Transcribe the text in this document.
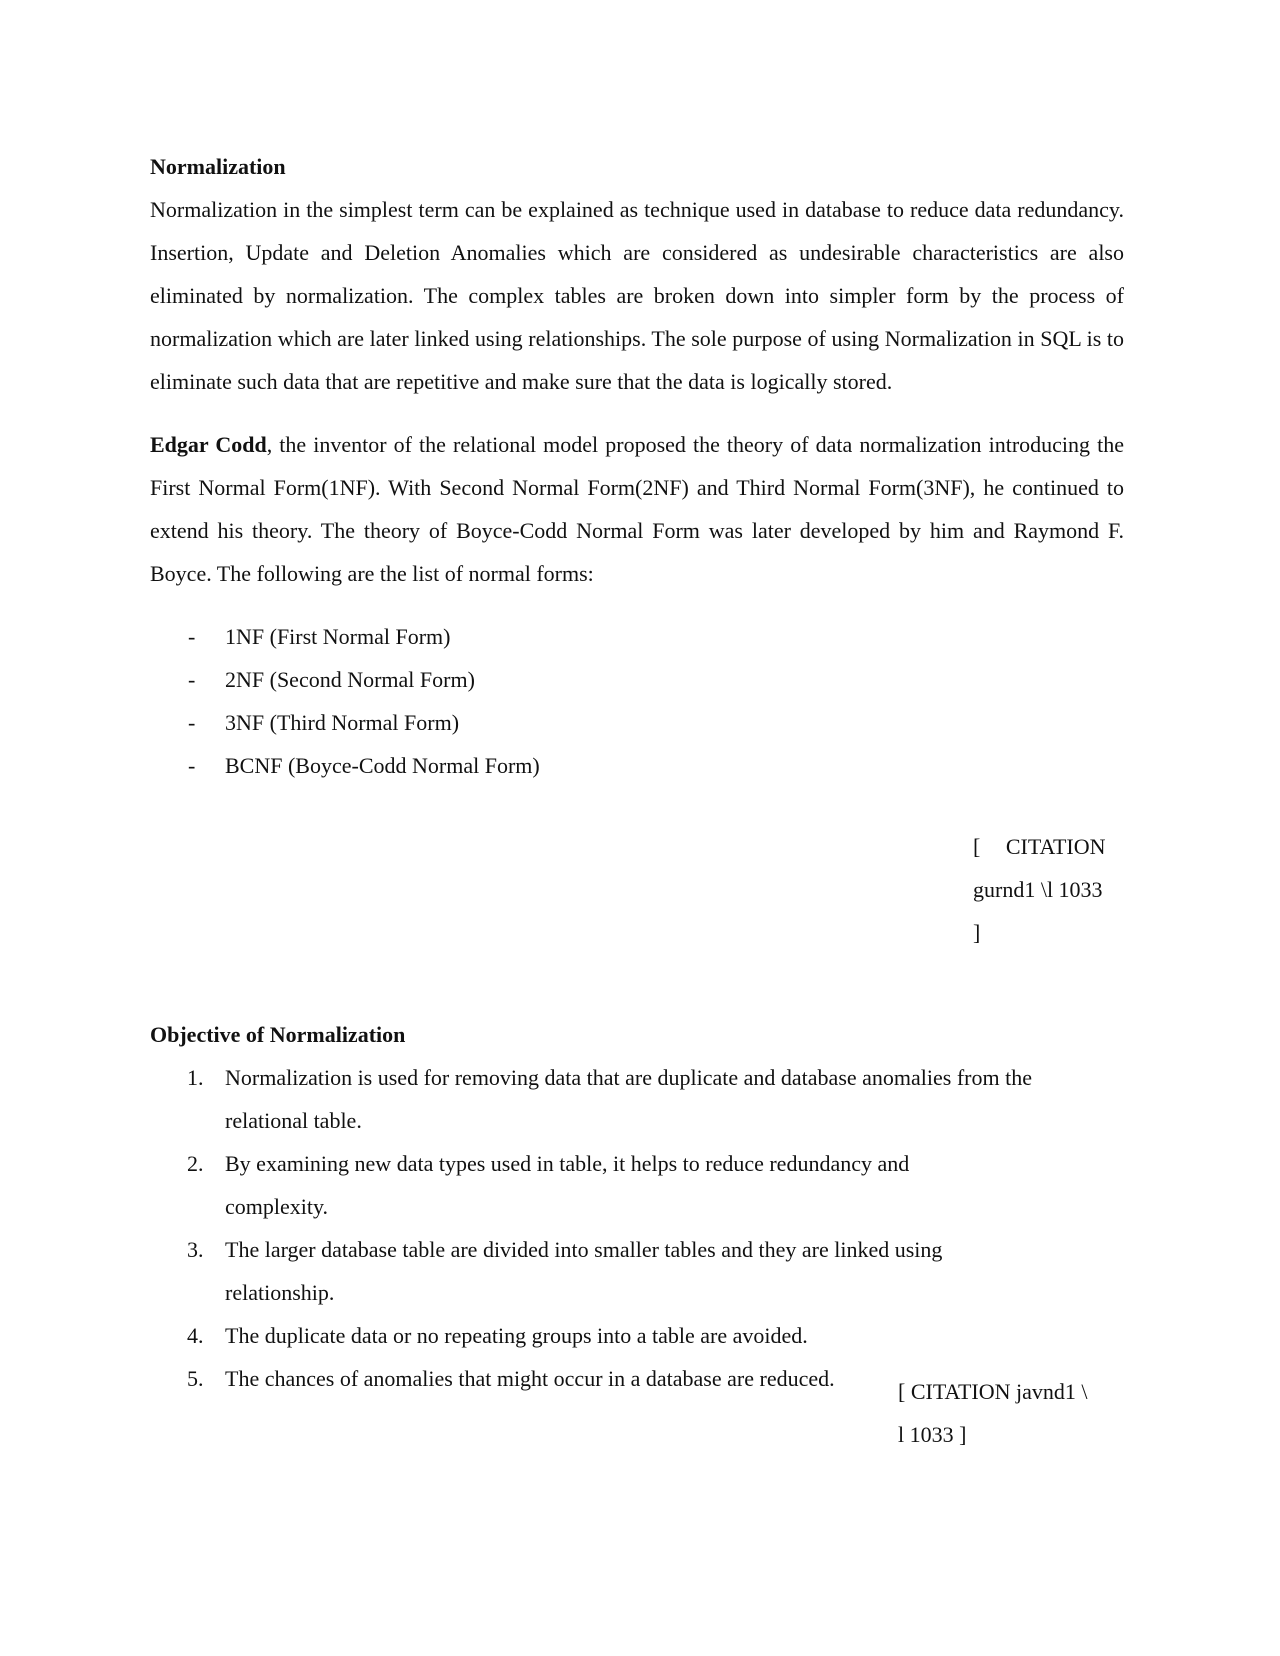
Normalization

Normalization in the simplest term can be explained as technique used in database to reduce data redundancy. Insertion, Update and Deletion Anomalies which are considered as undesirable characteristics are also eliminated by normalization. The complex tables are broken down into simpler form by the process of normalization which are later linked using relationships. The sole purpose of using Normalization in SQL is to eliminate such data that are repetitive and make sure that the data is logically stored.

Edgar Codd, the inventor of the relational model proposed the theory of data normalization introducing the First Normal Form(1NF). With Second Normal Form(2NF) and Third Normal Form(3NF), he continued to extend his theory. The theory of Boyce-Codd Normal Form was later developed by him and Raymond F. Boyce. The following are the list of normal forms:

- 1NF (First Normal Form)
- 2NF (Second Normal Form)
- 3NF (Third Normal Form)
- BCNF (Boyce-Codd Normal Form)
[ CITATION
gurnd1 \l 1033
]
Objective of Normalization
1. Normalization is used for removing data that are duplicate and database anomalies from the relational table.
2. By examining new data types used in table, it helps to reduce redundancy and complexity.
3. The larger database table are divided into smaller tables and they are linked using relationship.
4. The duplicate data or no repeating groups into a table are avoided.
5. The chances of anomalies that might occur in a database are reduced.
[ CITATION javnd1 \
l 1033 ]
